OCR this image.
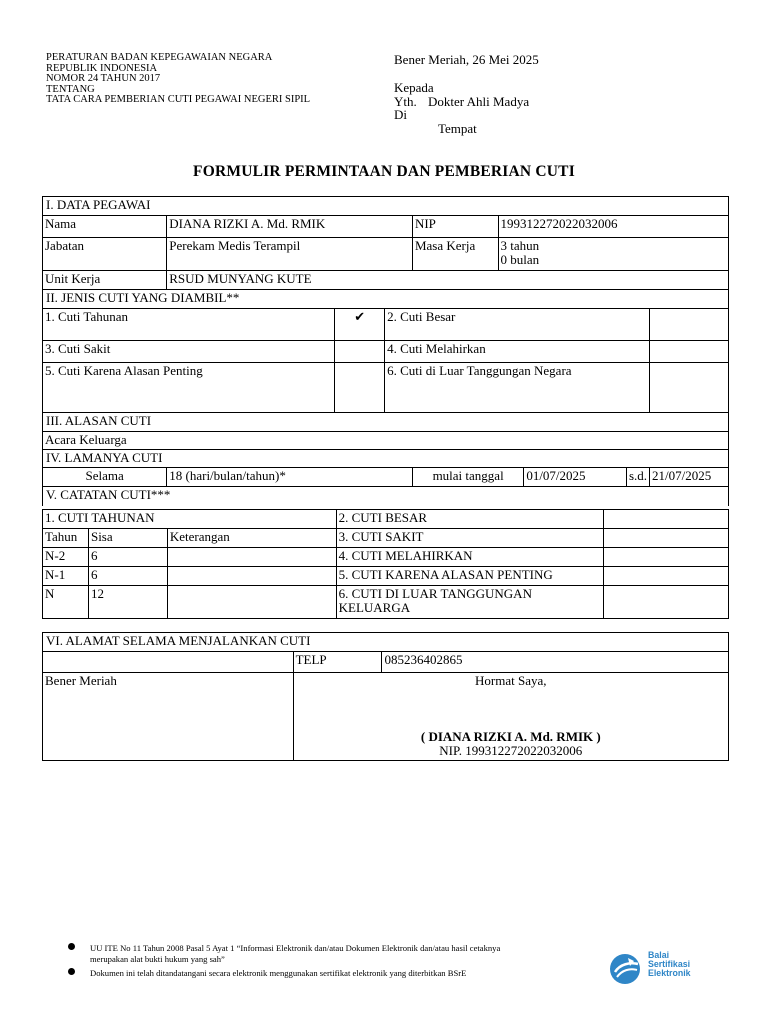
PERATURAN BADAN KEPEGAWAIAN NEGARA
REPUBLIK INDONESIA
NOMOR 24 TAHUN 2017
TENTANG
TATA CARA PEMBERIAN CUTI PEGAWAI NEGERI SIPIL
Bener Meriah, 26 Mei 2025
Kepada
Yth. Dokter Ahli Madya
Di
Tempat
FORMULIR PERMINTAAN DAN PEMBERIAN CUTI
I. DATA PEGAWAI								
Nama	DIANA RIZKI A. Md. RMIK			NIP	199312272022032006			
Jabatan	Perekam Medis Terampil			Masa Kerja	3 tahun
0 bulan			

Unit Kerja	RSUD MUNYANG KUTE							
II. JENIS CUTI YANG DIAMBIL**								
1. Cuti Tahunan		✔	2. Cuti Besar					
3. Cuti Sakit			4. Cuti Melahirkan					
5. Cuti Karena Alasan Penting			6. Cuti di Luar Tanggungan Negara					
III. ALASAN CUTI								
Acara Keluarga								
IV. LAMANYA CUTI								
Selama	18 (hari/bulan/tahun)*			mulai tanggal		01/07/2025	s.d.	21/07/2025
V. CATATAN CUTI***								
1. CUTI TAHUNAN			2. CUTI BESAR	
Tahun	Sisa	Keterangan	3. CUTI SAKIT	
N-2	6		4. CUTI MELAHIRKAN	
N-1	6		5. CUTI KARENA ALASAN PENTING	
N	12		6. CUTI DI LUAR TANGGUNGAN KELUARGA	
VI. ALAMAT SELAMA MENJALANKAN CUTI		
	TELP	085236402865
Bener Meriah	Hormat Saya,
( DIANA RIZKI A. Md. RMIK )
NIP. 199312272022032006	
UU ITE No 11 Tahun 2008 Pasal 5 Ayat 1 “Informasi Elektronik dan/atau Dokumen Elektronik dan/atau hasil cetaknya
merupakan alat bukti hukum yang sah”
Dokumen ini telah ditandatangani secara elektronik menggunakan sertifikat elektronik yang diterbitkan BSrE
Balai
Sertifikasi
Elektronik
